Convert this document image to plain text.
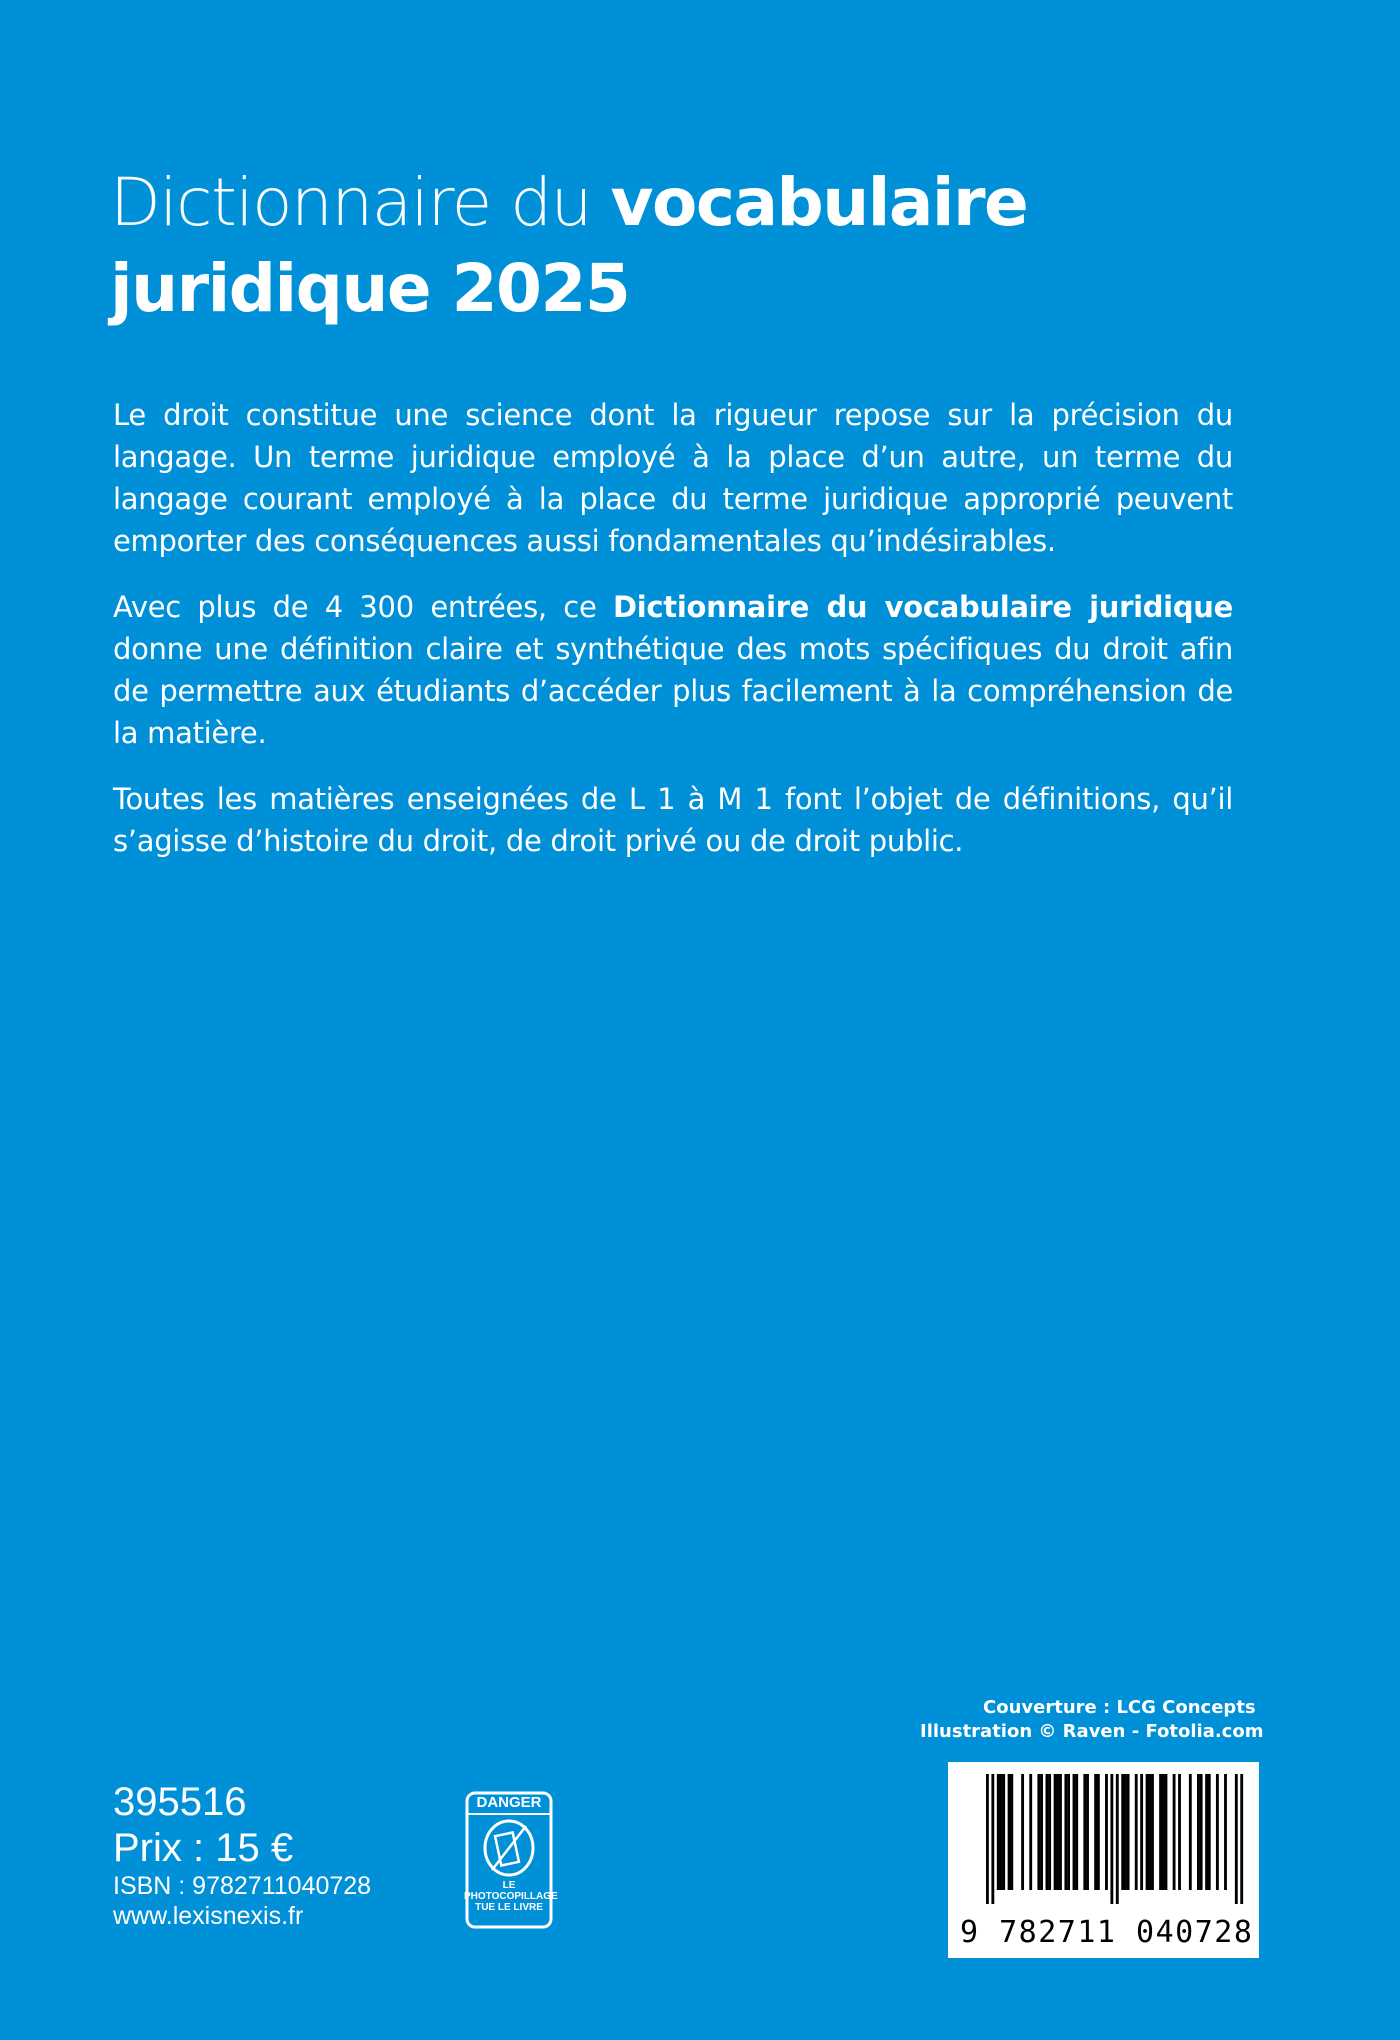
Dictionnaire du vocabulaire
juridique 2025

Le droit constitue une science dont la rigueur repose sur la précision du langage. Un terme juridique employé à la place d’un autre, un terme du langage courant employé à la place du terme juridique approprié peuvent emporter des conséquences aussi fondamentales qu’indésirables.

Avec plus de 4 300 entrées, ce Dictionnaire du vocabulaire juridique donne une définition claire et synthétique des mots spécifiques du droit afin de permettre aux étudiants d’accéder plus facilement à la compréhension de la matière.

Toutes les matières enseignées de L 1 à M 1 font l’objet de définitions, qu’il s’agisse d’histoire du droit, de droit privé ou de droit public.

Couverture : LCG Concepts
Illustration © Raven - Fotolia.com
9 782711 040728
395516
Prix : 15 €
ISBN : 9782711040728
www.lexisnexis.fr
DANGER
LE
PHOTOCOPILLAGE
TUE LE LIVRE
